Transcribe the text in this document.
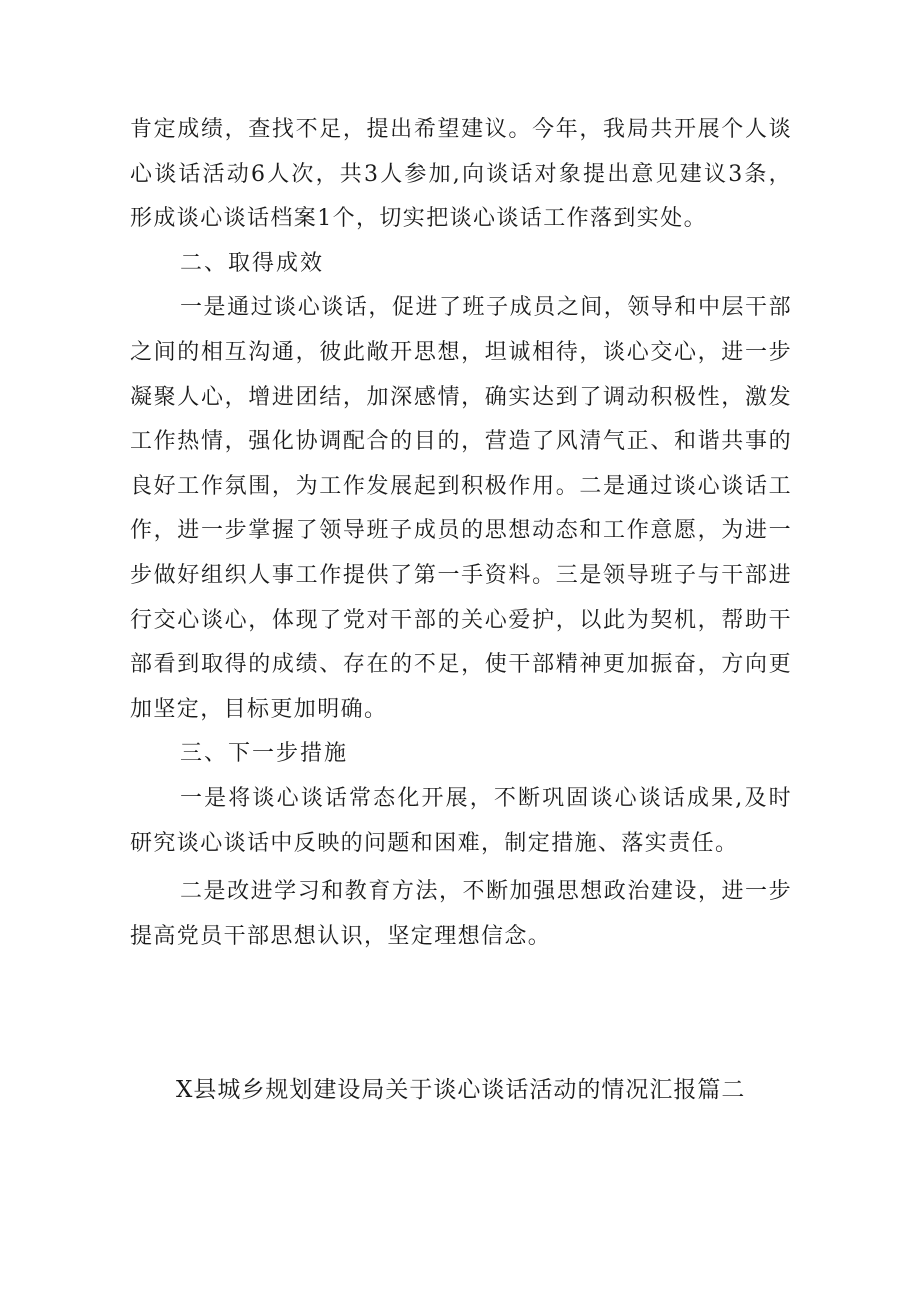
肯定成绩，查找不足，提出希望建议。今年，我局共开展个人谈心谈话活动6人次，共3人参加,向谈话对象提出意见建议3条，形成谈心谈话档案1个，切实把谈心谈话工作落到实处。

二、取得成效

一是通过谈心谈话，促进了班子成员之间，领导和中层干部之间的相互沟通，彼此敞开思想，坦诚相待，谈心交心，进一步凝聚人心，增进团结，加深感情，确实达到了调动积极性，激发工作热情，强化协调配合的目的，营造了风清气正、和谐共事的良好工作氛围，为工作发展起到积极作用。二是通过谈心谈话工作，进一步掌握了领导班子成员的思想动态和工作意愿，为进一步做好组织人事工作提供了第一手资料。三是领导班子与干部进行交心谈心，体现了党对干部的关心爱护，以此为契机，帮助干部看到取得的成绩、存在的不足，使干部精神更加振奋，方向更加坚定，目标更加明确。

三、下一步措施

一是将谈心谈话常态化开展，不断巩固谈心谈话成果,及时研究谈心谈话中反映的问题和困难，制定措施、落实责任。

二是改进学习和教育方法，不断加强思想政治建设，进一步提高党员干部思想认识，坚定理想信念。

X县城乡规划建设局关于谈心谈话活动的情况汇报篇二
